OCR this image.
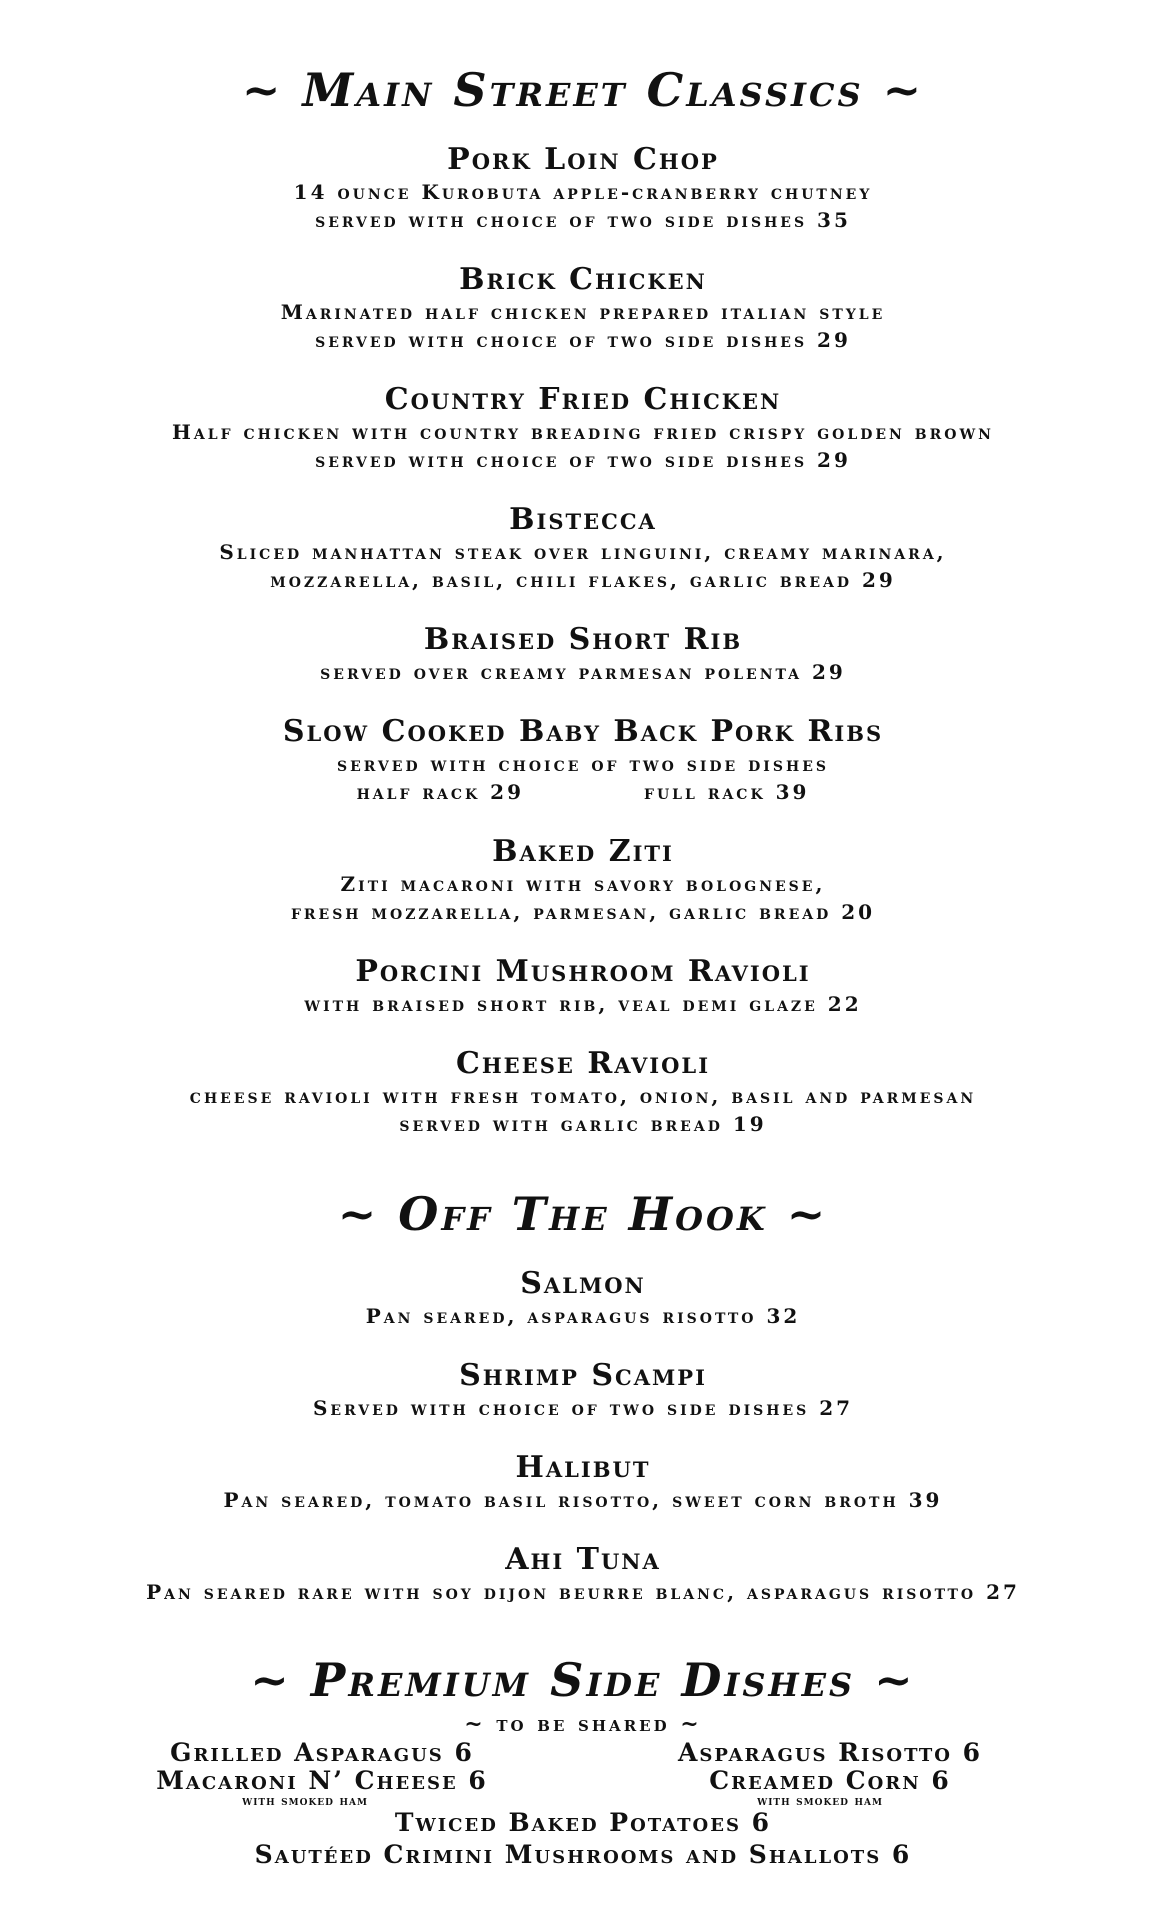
~ Main Street Classics ~
Pork Loin Chop
14 ounce Kurobuta apple-cranberry chutney
served with choice of two side dishes 35
Brick Chicken
Marinated half chicken prepared italian style
served with choice of two side dishes 29
Country Fried Chicken
Half chicken with country breading fried crispy golden brown
served with choice of two side dishes 29
Bistecca
Sliced manhattan steak over linguini, creamy marinara,
mozzarella, basil, chili flakes, garlic bread 29
Braised Short Rib
served over creamy parmesan polenta 29
Slow Cooked Baby Back Pork Ribs
served with choice of two side dishes
half rack 29	full rack 39
Baked Ziti
Ziti macaroni with savory bolognese,
fresh mozzarella, parmesan, garlic bread 20
Porcini Mushroom Ravioli
with braised short rib, veal demi glaze 22
Cheese Ravioli
cheese ravioli with fresh tomato, onion, basil and parmesan
served with garlic bread 19
~ Off The Hook ~
Salmon
Pan seared, asparagus risotto 32
Shrimp Scampi
Served with choice of two side dishes 27
Halibut
Pan seared, tomato basil risotto, sweet corn broth 39
Ahi Tuna
Pan seared rare with soy dijon beurre blanc, asparagus risotto 27
~ Premium Side Dishes ~
~ to be shared ~
Grilled Asparagus 6
Macaroni N’ Cheese 6
with smoked ham
Asparagus Risotto 6
Creamed Corn 6
with smoked ham
Twiced Baked Potatoes 6
Sautéed Crimini Mushrooms and Shallots 6
